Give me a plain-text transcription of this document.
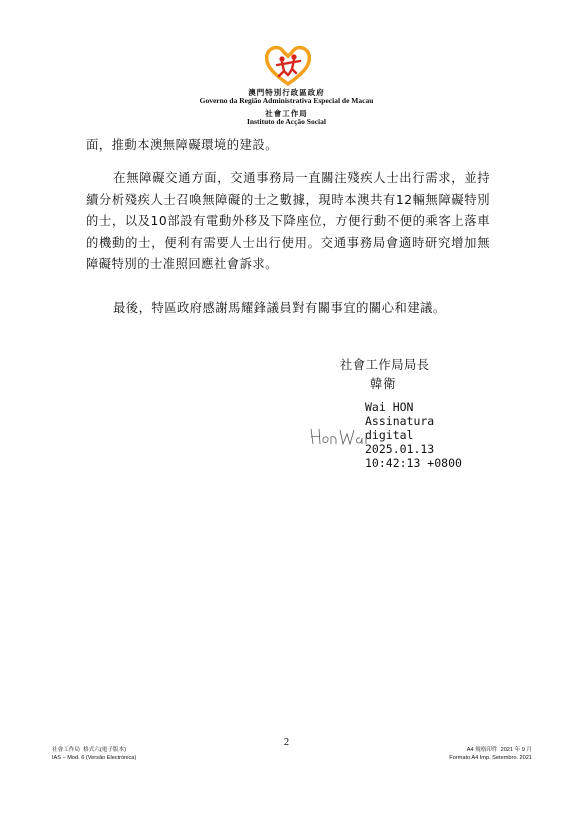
澳門特別行政區政府
Governo da Região Administrativa Especial de Macau
社會工作局
Instituto de Acção Social

面，推動本澳無障礙環境的建設。

在無障礙交通方面，交通事務局一直關注殘疾人士出行需求，並持續分析殘疾人士召喚無障礙的士之數據，現時本澳共有12輛無障礙特別的士，以及10部設有電動外移及下降座位，方便行動不便的乘客上落車的機動的士，便利有需要人士出行使用。交通事務局會適時研究增加無障礙特別的士准照回應社會訴求。

最後，特區政府感謝馬耀鋒議員對有關事宜的關心和建議。

社會工作局局長
韓衛
Wai HON
Assinatura
digital
2025.01.13
10:42:13 +0800
2
社會工作局  格式六(電子版本)
IAS – Mod. 6 (Versão Electrónica)
A4 規格印件  2021 年 9 月
Formato A4 Imp. Setembro. 2021
